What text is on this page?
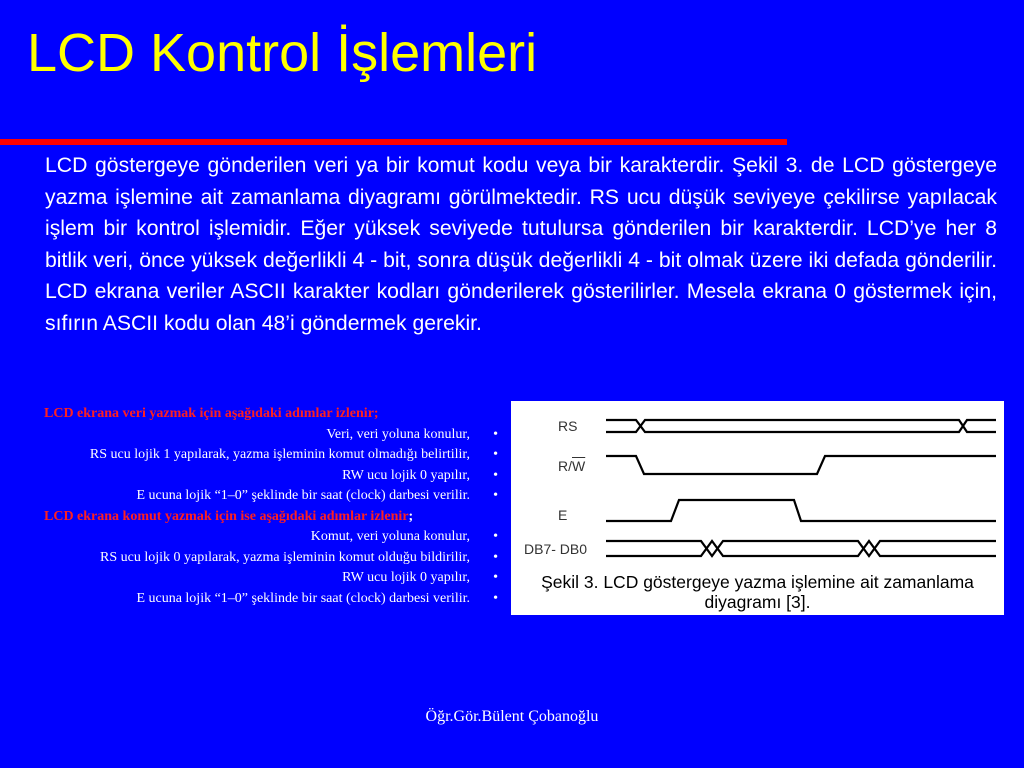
LCD Kontrol İşlemleri

LCD göstergeye gönderilen veri ya bir komut kodu veya bir karakterdir. Şekil 3. de LCD göstergeye yazma işlemine ait zamanlama diyagramı görülmektedir. RS ucu düşük seviyeye çekilirse yapılacak işlem bir kontrol işlemidir. Eğer yüksek seviyede tutulursa gönderilen bir karakterdir. LCD’ye her 8 bitlik veri, önce yüksek değerlikli 4 - bit, sonra düşük değerlikli 4 - bit olmak üzere iki defada gönderilir. LCD ekrana veriler ASCII karakter kodları gönderilerek gösterilirler. Mesela ekrana 0 göstermek için, sıfırın ASCII kodu olan 48’i göndermek gerekir.

LCD ekrana veri yazmak için aşağıdaki adımlar izlenir;
Veri, veri yoluna konulur, •
RS ucu lojik 1 yapılarak, yazma işleminin komut olmadığı belirtilir, •
RW ucu lojik 0 yapılır, •
E ucuna lojik “1–0” şeklinde bir saat (clock) darbesi verilir. •
LCD ekrana komut yazmak için ise aşağıdaki adımlar izlenir;
Komut, veri yoluna konulur, •
RS ucu lojik 0 yapılarak, yazma işleminin komut olduğu bildirilir, •
RW ucu lojik 0 yapılır, •
E ucuna lojik “1–0” şeklinde bir saat (clock) darbesi verilir. •
RS
$R/\overline{W}$
E
DB7- DB0
Şekil 3. LCD göstergeye yazma işlemine ait zamanlama
diyagramı [3].
Öğr.Gör.Bülent Çobanoğlu
